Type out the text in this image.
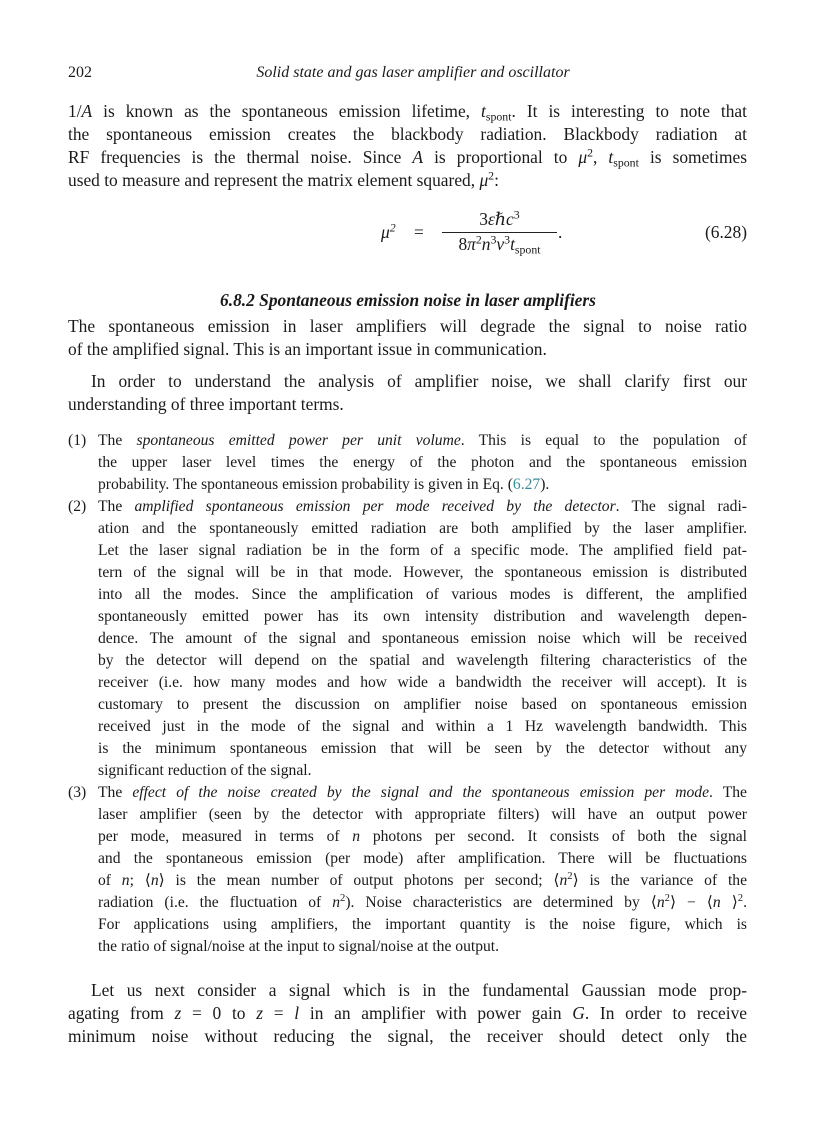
202	Solid state and gas laser amplifier and oscillator
1/A is known as the spontaneous emission lifetime, $t_{spont}$. It is interesting to note that
the spontaneous emission creates the blackbody radiation. Blackbody radiation at
RF frequencies is the thermal noise. Since A is proportional to $\mu^2$, $t_{spont}$ is sometimes
used to measure and represent the matrix element squared, $\mu^2$:
$\mu^2$ =
3εℏc$^3$
$8\pi^2n^3\nu^3t_{spont}$
.	(6.28)
6.8.2 Spontaneous emission noise in laser amplifiers
The spontaneous emission in laser amplifiers will degrade the signal to noise ratio
of the amplified signal. This is an important issue in communication.
In order to understand the analysis of amplifier noise, we shall clarify first our
understanding of three important terms.
(1) The spontaneous emitted power per unit volume. This is equal to the population of
the upper laser level times the energy of the photon and the spontaneous emission
probability. The spontaneous emission probability is given in Eq. (6.27).
(2) The amplified spontaneous emission per mode received by the detector. The signal radi-
ation and the spontaneously emitted radiation are both amplified by the laser amplifier.
Let the laser signal radiation be in the form of a specific mode. The amplified field pat-
tern of the signal will be in that mode. However, the spontaneous emission is distributed
into all the modes. Since the amplification of various modes is different, the amplified
spontaneously emitted power has its own intensity distribution and wavelength depen-
dence. The amount of the signal and spontaneous emission noise which will be received
by the detector will depend on the spatial and wavelength filtering characteristics of the
receiver (i.e. how many modes and how wide a bandwidth the receiver will accept). It is
customary to present the discussion on amplifier noise based on spontaneous emission
received just in the mode of the signal and within a 1 Hz wavelength bandwidth. This
is the minimum spontaneous emission that will be seen by the detector without any
significant reduction of the signal.
(3) The effect of the noise created by the signal and the spontaneous emission per mode. The
laser amplifier (seen by the detector with appropriate filters) will have an output power
per mode, measured in terms of n photons per second. It consists of both the signal
and the spontaneous emission (per mode) after amplification. There will be fluctuations
of n; ⟨n⟩ is the mean number of output photons per second; $⟨n^2⟩$ is the variance of the
radiation (i.e. the fluctuation of $n^2$). Noise characteristics are determined by $⟨n^2⟩$ − ⟨n ⟩$^2$.
For applications using amplifiers, the important quantity is the noise figure, which is
the ratio of signal/noise at the input to signal/noise at the output.
Let us next consider a signal which is in the fundamental Gaussian mode prop-
agating from z = 0 to z = l in an amplifier with power gain G. In order to receive
minimum noise without reducing the signal, the receiver should detect only the
